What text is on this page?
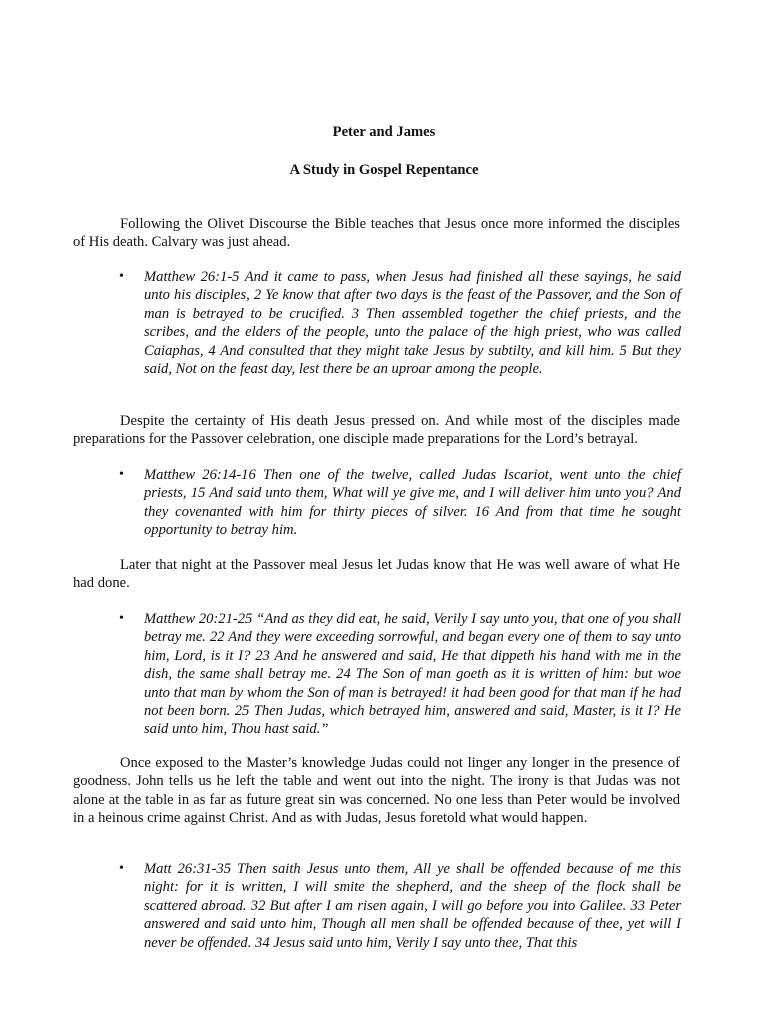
Peter and James
A Study in Gospel Repentance

Following the Olivet Discourse the Bible teaches that Jesus once more informed the disciples of His death. Calvary was just ahead.

•	Matthew 26:1-5 And it came to pass, when Jesus had finished all these sayings, he said unto his disciples, 2 Ye know that after two days is the feast of the Passover, and the Son of man is betrayed to be crucified. 3 Then assembled together the chief priests, and the scribes, and the elders of the people, unto the palace of the high priest, who was called Caiaphas, 4 And consulted that they might take Jesus by subtilty, and kill him. 5 But they said, Not on the feast day, lest there be an uproar among the people.

Despite the certainty of His death Jesus pressed on. And while most of the disciples made preparations for the Passover celebration, one disciple made preparations for the Lord’s betrayal.

•	Matthew 26:14-16 Then one of the twelve, called Judas Iscariot, went unto the chief priests, 15 And said unto them, What will ye give me, and I will deliver him unto you? And they covenanted with him for thirty pieces of silver. 16 And from that time he sought opportunity to betray him.

Later that night at the Passover meal Jesus let Judas know that He was well aware of what He had done.

•	Matthew 20:21-25 “And as they did eat, he said, Verily I say unto you, that one of you shall betray me. 22 And they were exceeding sorrowful, and began every one of them to say unto him, Lord, is it I? 23 And he answered and said, He that dippeth his hand with me in the dish, the same shall betray me. 24 The Son of man goeth as it is written of him: but woe unto that man by whom the Son of man is betrayed! it had been good for that man if he had not been born. 25 Then Judas, which betrayed him, answered and said, Master, is it I? He said unto him, Thou hast said.”

Once exposed to the Master’s knowledge Judas could not linger any longer in the presence of goodness. John tells us he left the table and went out into the night. The irony is that Judas was not alone at the table in as far as future great sin was concerned. No one less than Peter would be involved in a heinous crime against Christ. And as with Judas, Jesus foretold what would happen.

•	Matt 26:31-35 Then saith Jesus unto them, All ye shall be offended because of me this night: for it is written, I will smite the shepherd, and the sheep of the flock shall be scattered abroad. 32 But after I am risen again, I will go before you into Galilee. 33 Peter answered and said unto him, Though all men shall be offended because of thee, yet will I never be offended. 34 Jesus said unto him, Verily I say unto thee, That this
